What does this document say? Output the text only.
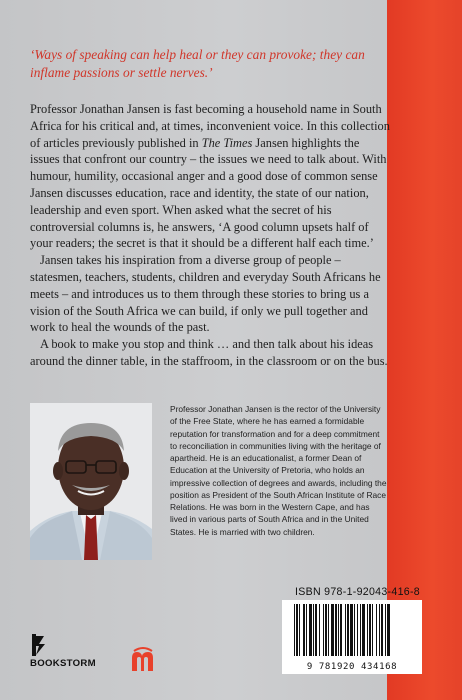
‘Ways of speaking can help heal or they can provoke; they can inflame passions or settle nerves.’

Professor Jonathan Jansen is fast becoming a household name in South Africa for his critical and, at times, inconvenient voice. In this collection of articles previously published in The Times Jansen highlights the issues that confront our country – the issues we need to talk about. With humour, humility, occasional anger and a good dose of common sense Jansen discusses education, race and identity, the state of our nation, leadership and even sport. When asked what the secret of his controversial columns is, he answers, ‘A good column upsets half of your readers; the secret is that it should be a different half each time.’

Jansen takes his inspiration from a diverse group of people – statesmen, teachers, students, children and everyday South Africans he meets – and introduces us to them through these stories to bring us a vision of the South Africa we can build, if only we pull together and work to heal the wounds of the past.

A book to make you stop and think … and then talk about his ideas around the dinner table, in the staffroom, in the classroom or on the bus.

Professor Jonathan Jansen is the rector of the University of the Free State, where he has earned a formidable reputation for transformation and for a deep commitment to reconciliation in communities living with the heritage of apartheid. He is an educationalist, a former Dean of Education at the University of Pretoria, who holds an impressive collection of degrees and awards, including the position as President of the South African Institute of Race Relations. He was born in the Western Cape, and has lived in various parts of South Africa and in the United States. He is married with two children.
ISBN 978-1-92043-416-8
9 781920 434168
BOOKSTORM
